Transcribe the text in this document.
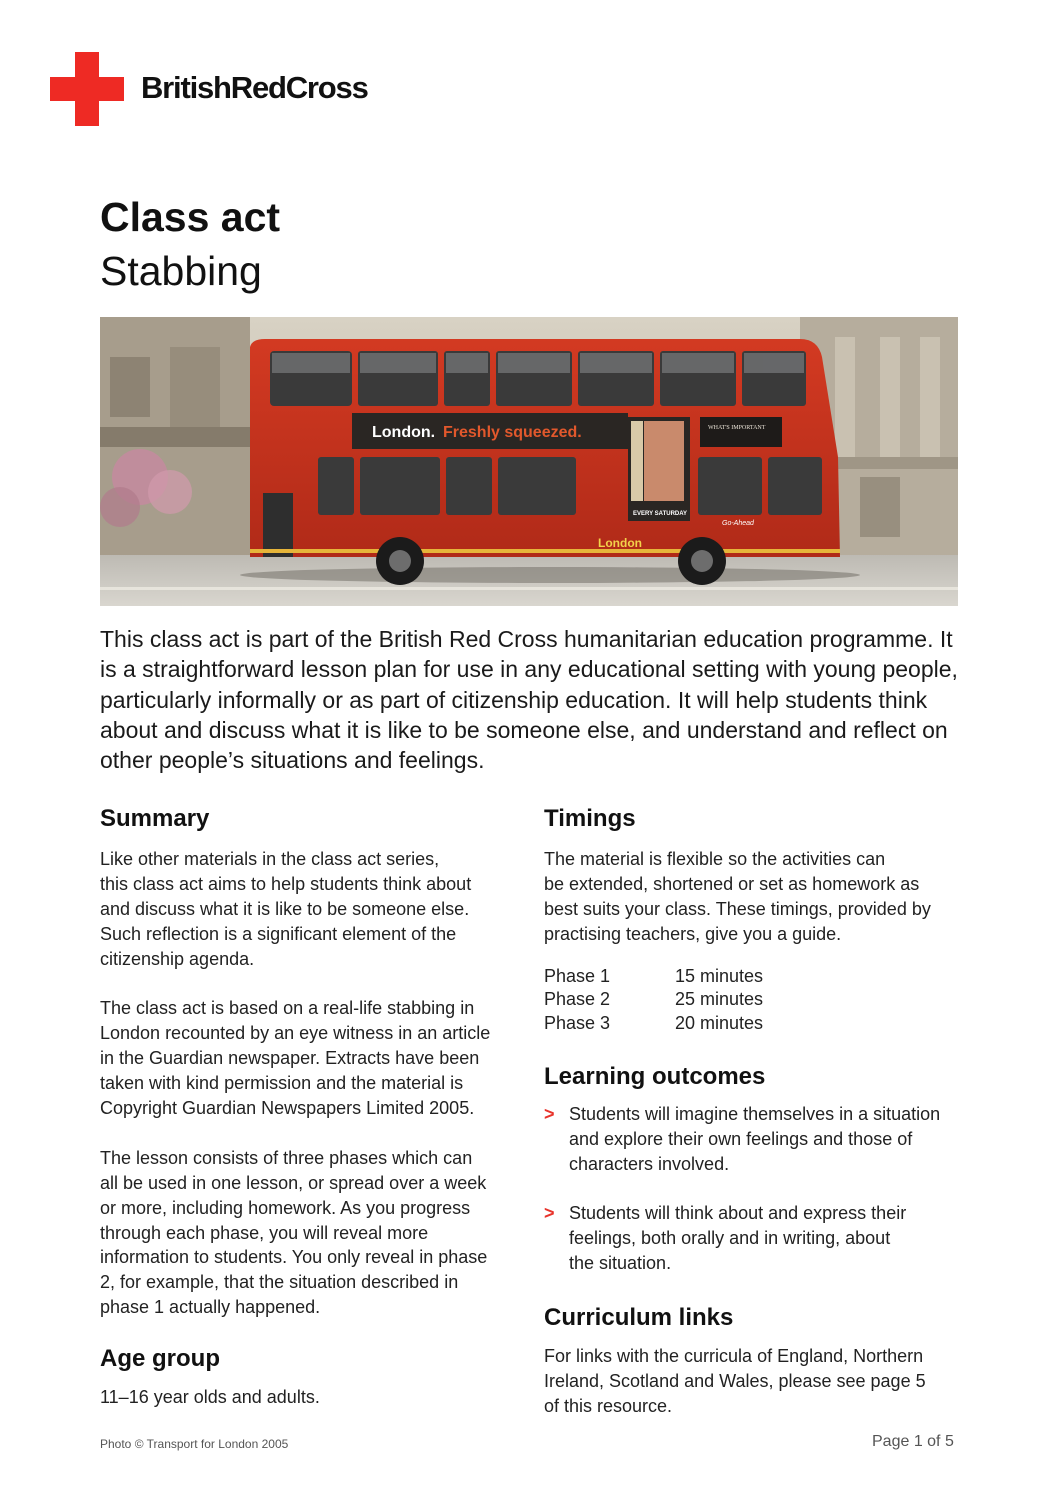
BritishRedCross
Class act
Stabbing
London. Freshly squeezed.
EVERY SATURDAY
WHAT'S IMPORTANT
London
Go-Ahead

This class act is part of the British Red Cross humanitarian education programme. It is a straightforward lesson plan for use in any educational setting with young people, particularly informally or as part of citizenship education. It will help students think about and discuss what it is like to be someone else, and understand and reflect on other people’s situations and feelings.

Summary

Like other materials in the class act series,
this class act aims to help students think about
and discuss what it is like to be someone else.
Such reflection is a significant element of the
citizenship agenda.

The class act is based on a real-life stabbing in
London recounted by an eye witness in an article
in the Guardian newspaper. Extracts have been
taken with kind permission and the material is
Copyright Guardian Newspapers Limited 2005.

The lesson consists of three phases which can
all be used in one lesson, or spread over a week
or more, including homework. As you progress
through each phase, you will reveal more
information to students. You only reveal in phase
2, for example, that the situation described in
phase 1 actually happened.

Age group

11–16 year olds and adults.

Timings

The material is flexible so the activities can
be extended, shortened or set as homework as
best suits your class. These timings, provided by
practising teachers, give you a guide.

Phase 1	15 minutes
Phase 2	25 minutes
Phase 3	20 minutes
Learning outcomes
> Students will imagine themselves in a situation
and explore their own feelings and those of
characters involved.
> Students will think about and express their
feelings, both orally and in writing, about
the situation.
Curriculum links

For links with the curricula of England, Northern
Ireland, Scotland and Wales, please see page 5
of this resource.

Photo © Transport for London 2005	Page 1 of 5
